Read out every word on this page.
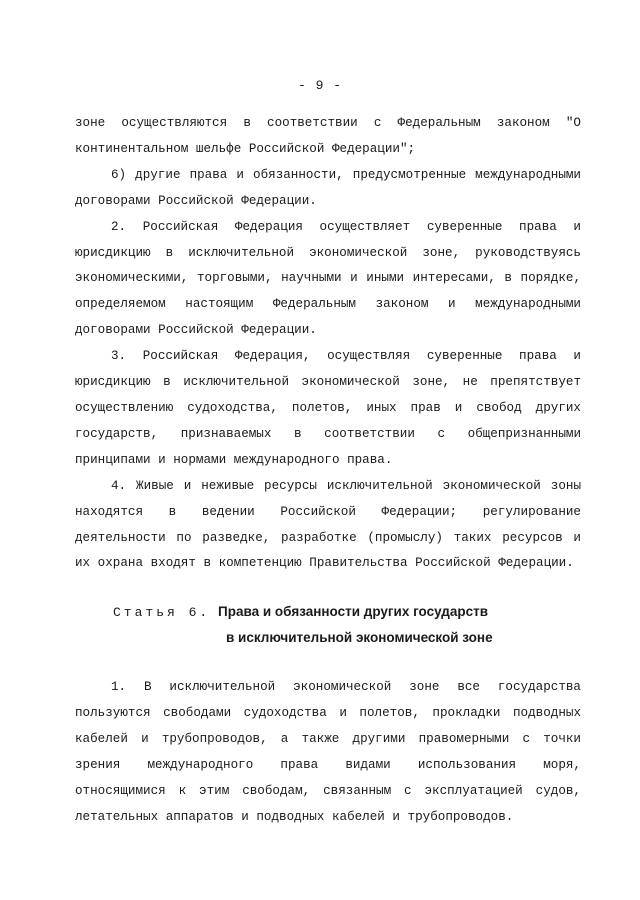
- 9 -

зоне осуществляются в соответствии с Федеральным законом "О континентальном шельфе Российской Федерации";

6) другие права и обязанности, предусмотренные международными договорами Российской Федерации.

2. Российская Федерация осуществляет суверенные права и юрисдикцию в исключительной экономической зоне, руководствуясь экономическими, торговыми, научными и иными интересами, в порядке, определяемом настоящим Федеральным законом и международными договорами Российской Федерации.

3. Российская Федерация, осуществляя суверенные права и юрисдикцию в исключительной экономической зоне, не препятствует осуществлению судоходства, полетов, иных прав и свобод других государств, признаваемых в соответствии с общепризнанными принципами и нормами международного права.

4. Живые и неживые ресурсы исключительной экономической зоны находятся в ведении Российской Федерации; регулирование деятельности по разведке, разработке (промыслу) таких ресурсов и их охрана входят в компетенцию Правительства Российской Федерации.

Статья 6. Права и обязанности других государств
в исключительной экономической зоне

1. В исключительной экономической зоне все государства пользуются свободами судоходства и полетов, прокладки подводных кабелей и трубопроводов, а также другими правомерными с точки зрения международного права видами использования моря, относящимися к этим свободам, связанным с эксплуатацией судов, летательных аппаратов и подводных кабелей и трубопроводов.
